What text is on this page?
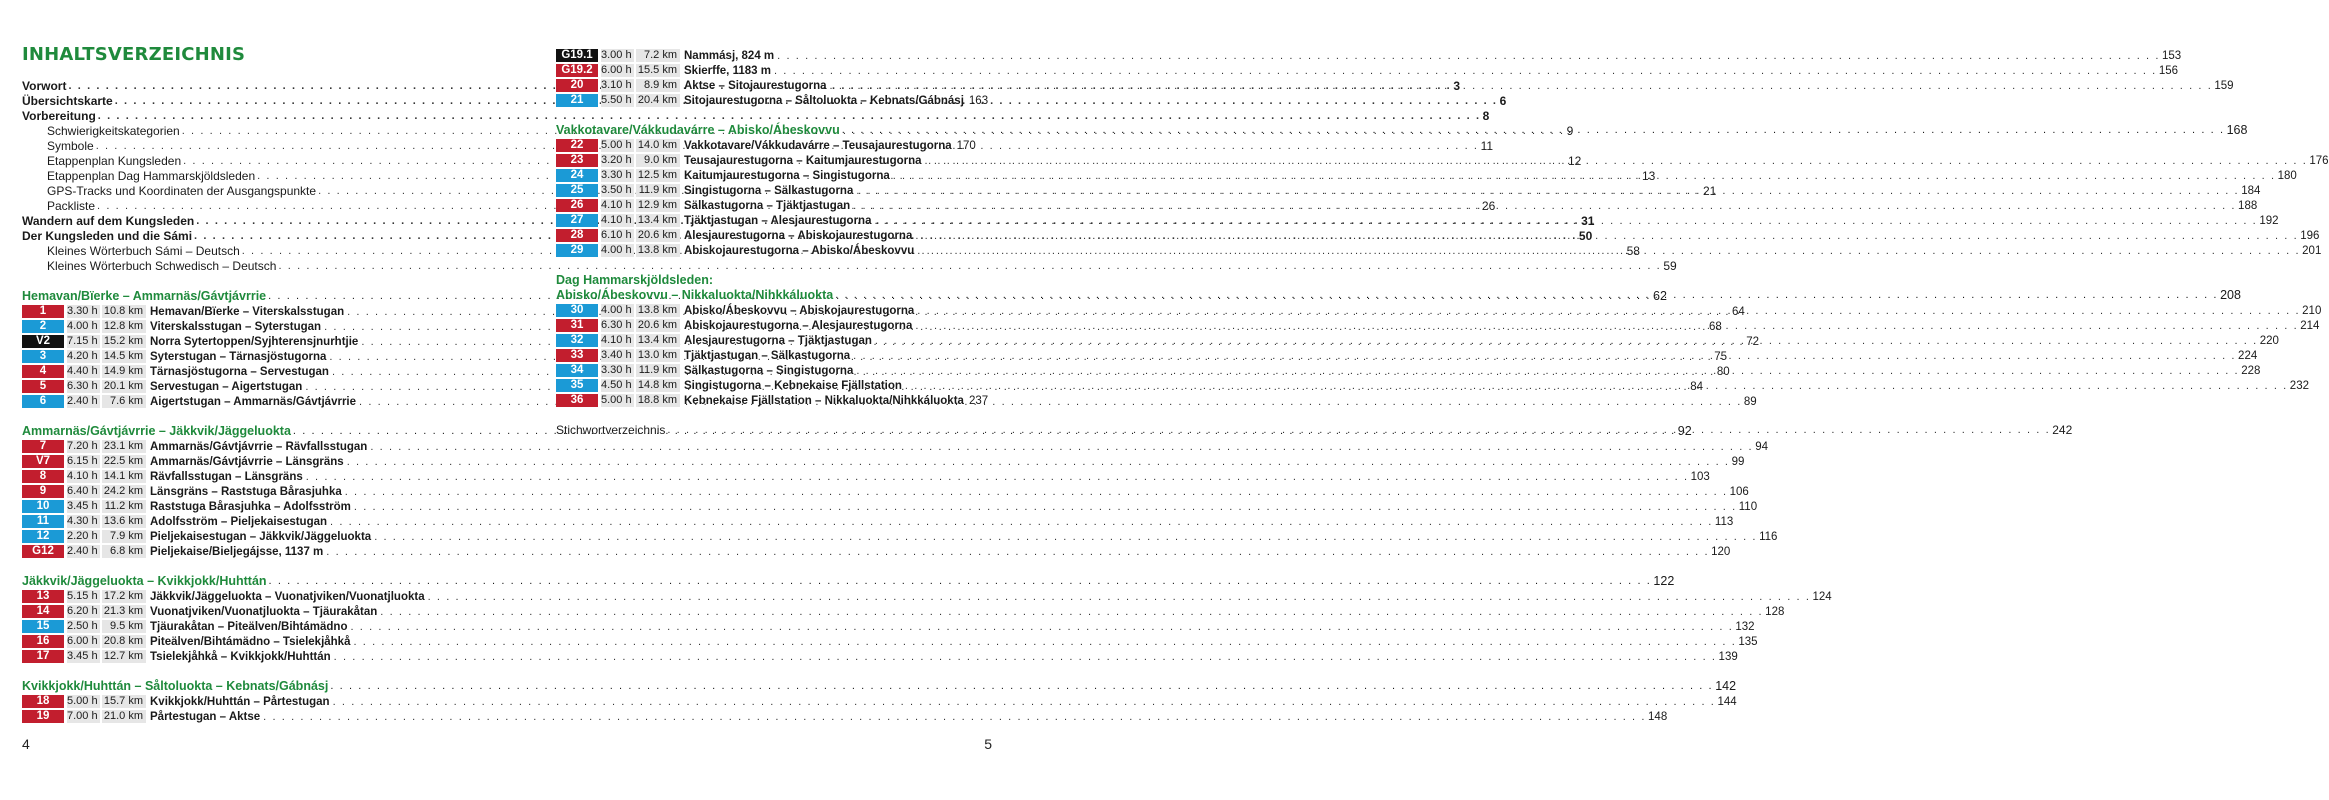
INHALTSVERZEICHNIS
Vorwort . . .	3
Übersichtskarte . . .	6
Vorbereitung . . .	8
Schwierigkeitskategorien . . .	9
Symbole . . .	11
Etappenplan Kungsleden . . .	12
Etappenplan Dag Hammarskjöldsleden . . .	13
GPS-Tracks und Koordinaten der Ausgangspunkte . . .	21
Packliste . . .	26
Wandern auf dem Kungsleden . . .	31
Der Kungsleden und die Sámi . . .	50
Kleines Wörterbuch Sámi – Deutsch . . .	58
Kleines Wörterbuch Schwedisch – Deutsch . . .	59
Hemavan/Bïerke – Ammarnäs/Gávtjávrrie . . .	62
1	3.30 h 10.8 km Hemavan/Bïerke – Viterskalsstugan . . .	64
2	4.00 h 12.8 km Viterskalsstugan – Syterstugan . . .	68
V2	7.15 h 15.2 km Norra Sytertoppen/Syjhterensjnurhtjie . . .	72
3	4.20 h 14.5 km Syterstugan – Tärnasjöstugorna . . .	75
4	4.40 h 14.9 km Tärnasjöstugorna – Servestugan . . .	80
5	6.30 h 20.1 km Servestugan – Aigertstugan . . .	84
6	2.40 h	7.6 km Aigertstugan – Ammarnäs/Gávtjávrrie . . .	89
Ammarnäs/Gávtjávrrie – Jäkkvik/Jäggeluokta . . .	92
7	7.20 h 23.1 km Ammarnäs/Gávtjávrrie – Rävfallsstugan . . .	94
V7	6.15 h 22.5 km Ammarnäs/Gávtjávrrie – Länsgräns . . .	99
8	4.10 h 14.1 km Rävfallsstugan – Länsgräns . . .	103
9	6.40 h 24.2 km Länsgräns – Raststuga Bårasjuhka . . .	106
10	3.45 h 11.2 km Raststuga Bårasjuhka – Adolfsström . . .	110
11	4.30 h 13.6 km Adolfsström – Pieljekaisestugan . . .	113
12	2.20 h	7.9 km Pieljekaisestugan – Jäkkvik/Jäggeluokta . . .	116
G12	2.40 h	6.8 km Pieljekaise/Bieljegájsse, 1137 m . . .	120
Jäkkvik/Jäggeluokta – Kvikkjokk/Huhttán . . .	122
13	5.15 h 17.2 km Jäkkvik/Jäggeluokta – Vuonatjviken/Vuonatjluokta . . .	124
14	6.20 h 21.3 km Vuonatjviken/Vuonatjluokta – Tjäurakåtan . . .	128
15	2.50 h	9.5 km Tjäurakåtan – Piteälven/Bihtámädno . . .	132
16	6.00 h 20.8 km Piteälven/Bihtámädno – Tsielekjåhkå . . .	135
17	3.45 h 12.7 km Tsielekjåhkå – Kvikkjokk/Huhttán . . .	139
Kvikkjokk/Huhttán – Såltoluokta – Kebnats/Gábnásj . . .	142
18	5.00 h 15.7 km Kvikkjokk/Huhttán – Pårtestugan . . .	144
19	7.00 h 21.0 km Pårtestugan – Aktse . . .	148
4
G19.1 3.00 h	7.2 km Nammásj, 824 m . . .	153
G19.2 6.00 h 15.5 km Skierffe, 1183 m . . .	156
20	3.10 h	8.9 km Aktse – Sitojaurestugorna . . .	159
21	5.50 h 20.4 km Sitojaurestugorna – Såltoluokta – Kebnats/Gábnásj 163
Vakkotavare/Vákkudavárre – Abisko/Ábeskovvu . . .	168
22	5.00 h 14.0 km Vakkotavare/Vákkudavárre – Teusajaurestugorna 170
23	3.20 h	9.0 km Teusajaurestugorna – Kaitumjaurestugorna . . .	176
24	3.30 h 12.5 km Kaitumjaurestugorna – Singistugorna . . .	180
25	3.50 h 11.9 km Singistugorna – Sälkastugorna . . .	184
26	4.10 h 12.9 km Sälkastugorna – Tjäktjastugan . . .	188
27	4.10 h 13.4 km Tjäktjastugan – Alesjaurestugorna . . .	192
28	6.10 h 20.6 km Alesjaurestugorna – Abiskojaurestugorna . . .	196
29	4.00 h 13.8 km Abiskojaurestugorna – Abisko/Ábeskovvu . . .	201
Dag Hammarskjöldsleden:
Abisko/Ábeskovvu – Nikkaluokta/Nihkkáluokta . . .	208
30	4.00 h 13.8 km Abisko/Ábeskovvu – Abiskojaurestugorna . . .	210
31	6.30 h 20.6 km Abiskojaurestugorna – Alesjaurestugorna . . .	214
32	4.10 h 13.4 km Alesjaurestugorna – Tjäktjastugan . . .	220
33	3.40 h 13.0 km Tjäktjastugan – Sälkastugorna . . .	224
34	3.30 h 11.9 km Sälkastugorna – Singistugorna . . .	228
35	4.50 h 14.8 km Singistugorna – Kebnekaise Fjällstation . . .	232
36	5.00 h 18.8 km Kebnekaise Fjällstation – Nikkaluokta/Nihkkáluokta 237
Stichwortverzeichnis . . .	242
5
